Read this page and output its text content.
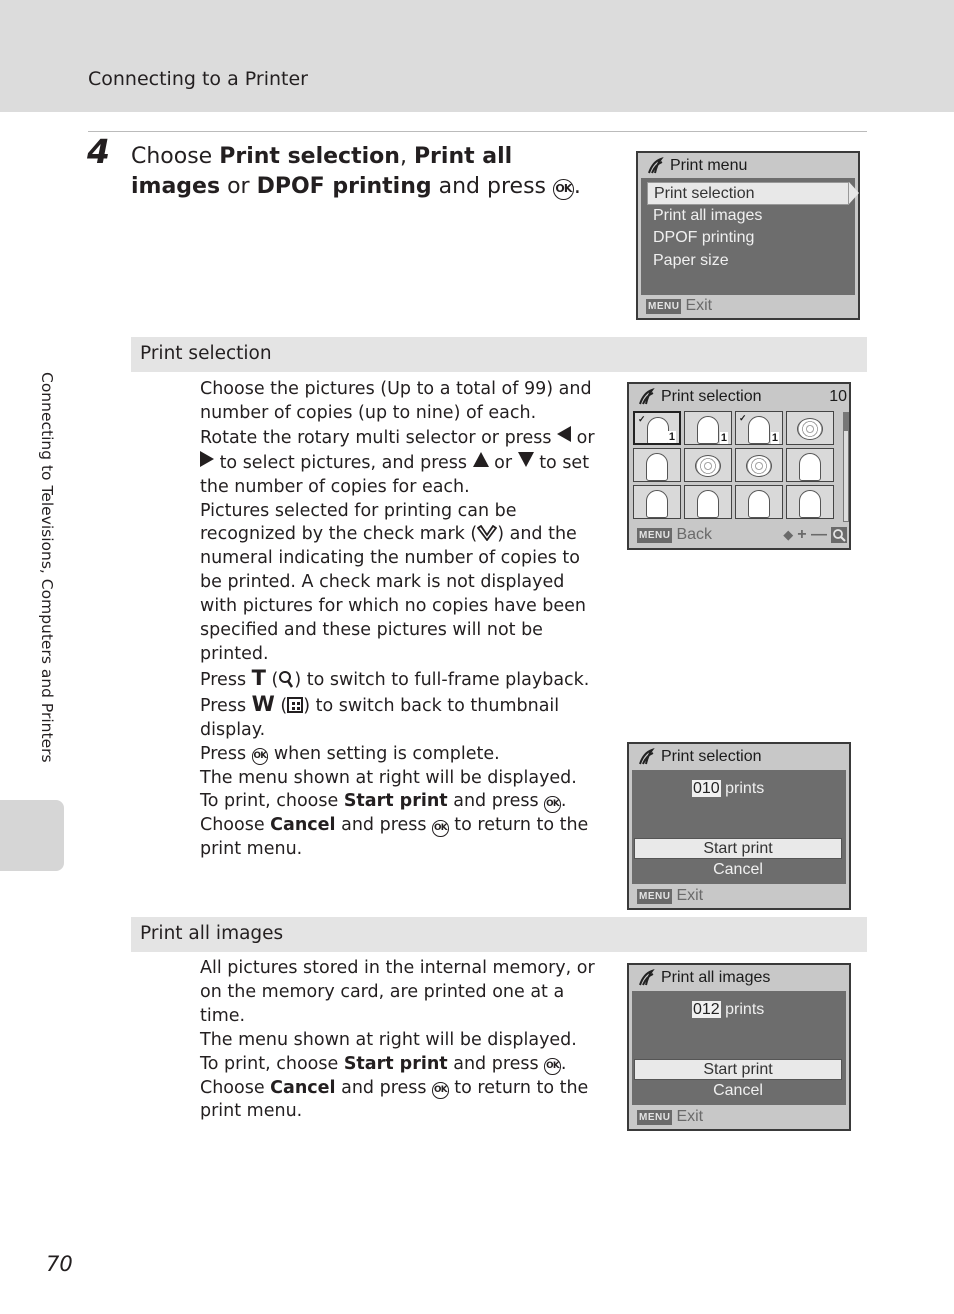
Connecting to a Printer
Connecting to Televisions, Computers and Printers
4 Choose Print selection, Print all images or DPOF printing and press OK .
Print menu
Print selection
Print all images
DPOF printing
Paper size
MENU Exit
Print selection

Choose the pictures (Up to a total of 99) and number of copies (up to nine) of each.

Rotate the rotary multi selector or press  or  to select pictures, and press  or  to set the number of copies for each.

Pictures selected for printing can be recognized by the check mark ( ) and the numeral indicating the number of copies to be printed. A check mark is not displayed with pictures for which no copies have been specified and these pictures will not be printed.

Press T ( ) to switch to full-frame playback.

Press W ( ) to switch back to thumbnail display.

Press OK when setting is complete.

The menu shown at right will be displayed.

To print, choose Start print and press OK .

Choose Cancel and press OK to return to the print menu.

Print selection	10
✓
1	1
✓
1
MENU Back	◆ + —
Print selection
010 prints
Start print
Cancel
MENU Exit
Print all images

All pictures stored in the internal memory, or on the memory card, are printed one at a time.

The menu shown at right will be displayed.

To print, choose Start print and press OK .

Choose Cancel and press OK to return to the print menu.

Print all images
012 prints
Start print
Cancel
MENU Exit
70
